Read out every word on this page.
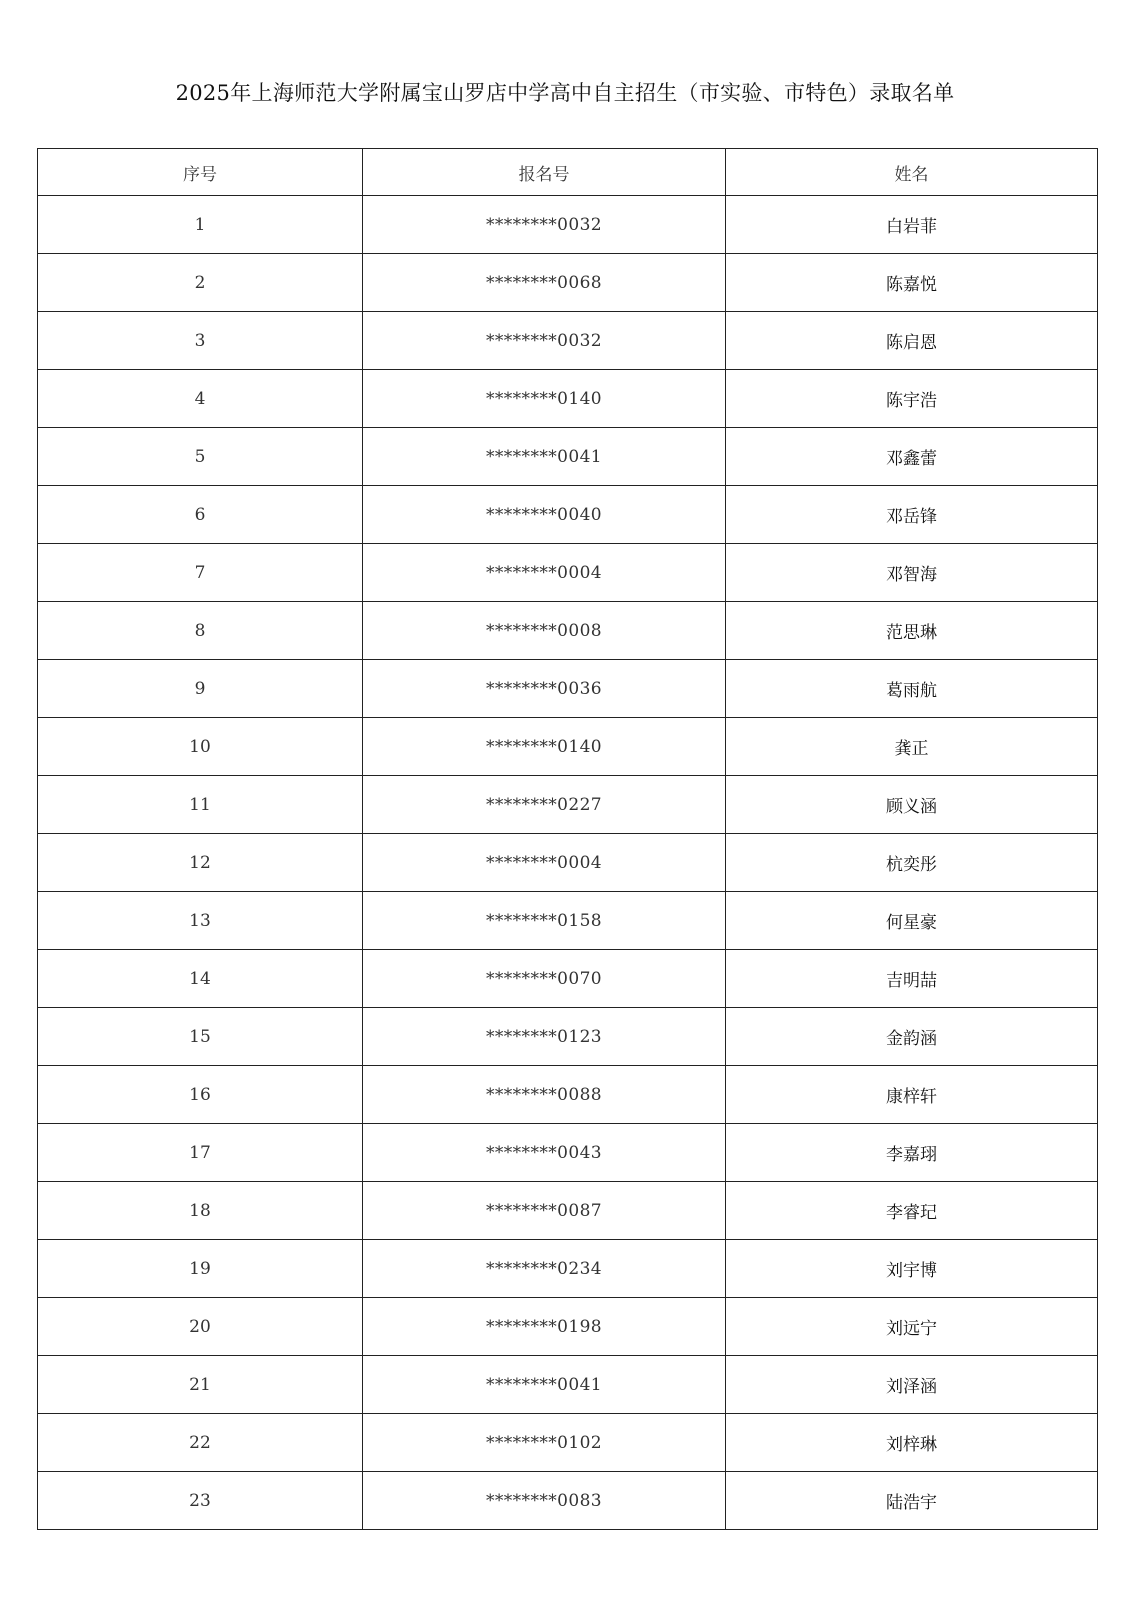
2025年上海师范大学附属宝山罗店中学高中自主招生（市实验、市特色）录取名单
序号	报名号	姓名
1	********0032	白岩菲
2	********0068	陈嘉悦
3	********0032	陈启恩
4	********0140	陈宇浩
5	********0041	邓鑫蕾
6	********0040	邓岳锋
7	********0004	邓智海
8	********0008	范思琳
9	********0036	葛雨航
10	********0140	龚正
11	********0227	顾义涵
12	********0004	杭奕彤
13	********0158	何星豪
14	********0070	吉明喆
15	********0123	金韵涵
16	********0088	康梓轩
17	********0043	李嘉珝
18	********0087	李睿玘
19	********0234	刘宇博
20	********0198	刘远宁
21	********0041	刘泽涵
22	********0102	刘梓琳
23	********0083	陆浩宇
